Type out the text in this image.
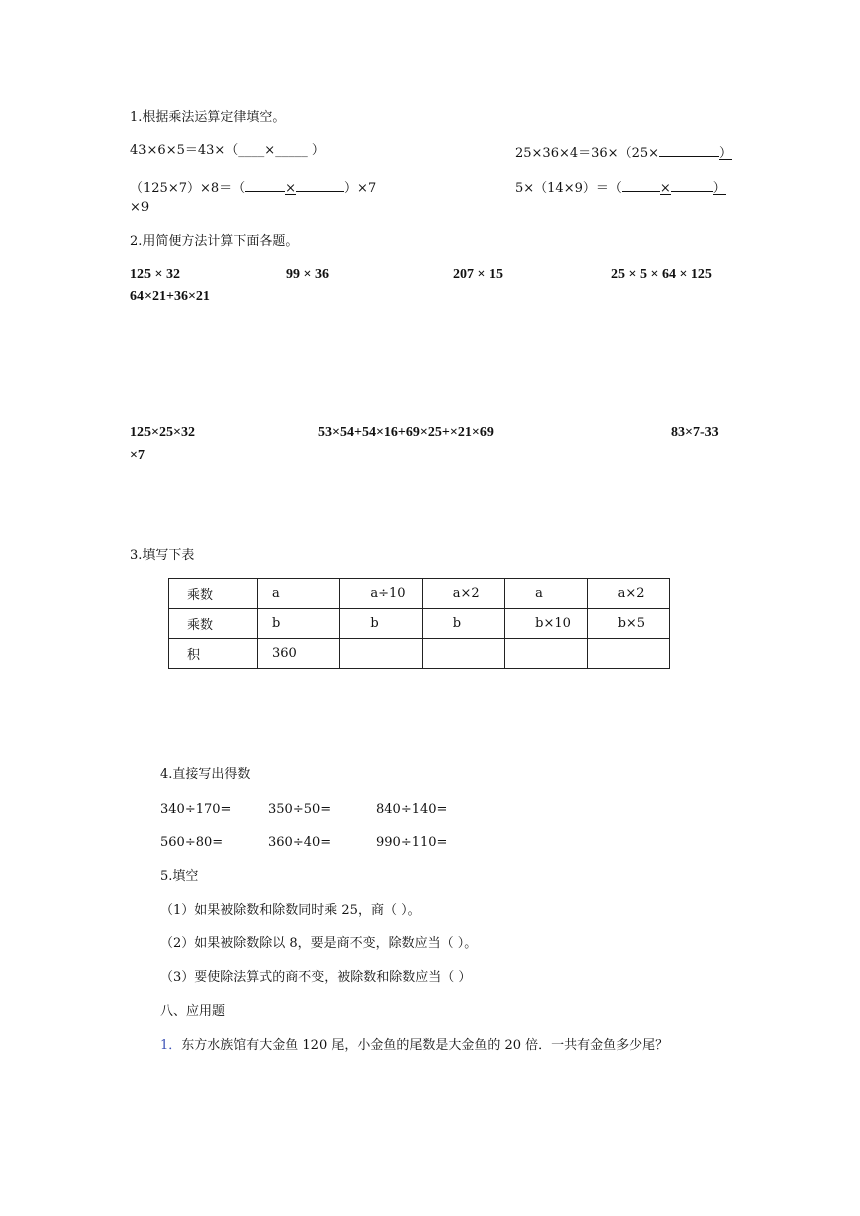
1.根据乘法运算定律填空。
43×6×5＝43×（____×_____ ）	25×36×4＝36×（25×	）
（125×7）×8＝（	×	）×7	5×（14×9）＝（	×	）
×9
2.用简便方法计算下面各题。
125 × 32	99 × 36	207 × 15	25 × 5 × 64 × 125
64×21+36×21
125×25×32	53×54+54×16+69×25+×21×69	83×7-33
×7
3.填写下表
乘数	a	a÷10	a×2	a	a×2
乘数	b	b	b	b×10	b×5
积	360				
4.直接写出得数
340÷170=	350÷50=	840÷140=
560÷80=	360÷40=	990÷110=
5.填空
（1）如果被除数和除数同时乘 25，商（ ）。
（2）如果被除数除以 8，要是商不变，除数应当（ ）。
（3）要使除法算式的商不变，被除数和除数应当（ ）
八、应用题
1．东方水族馆有大金鱼 120 尾，小金鱼的尾数是大金鱼的 20 倍．一共有金鱼多少尾？
